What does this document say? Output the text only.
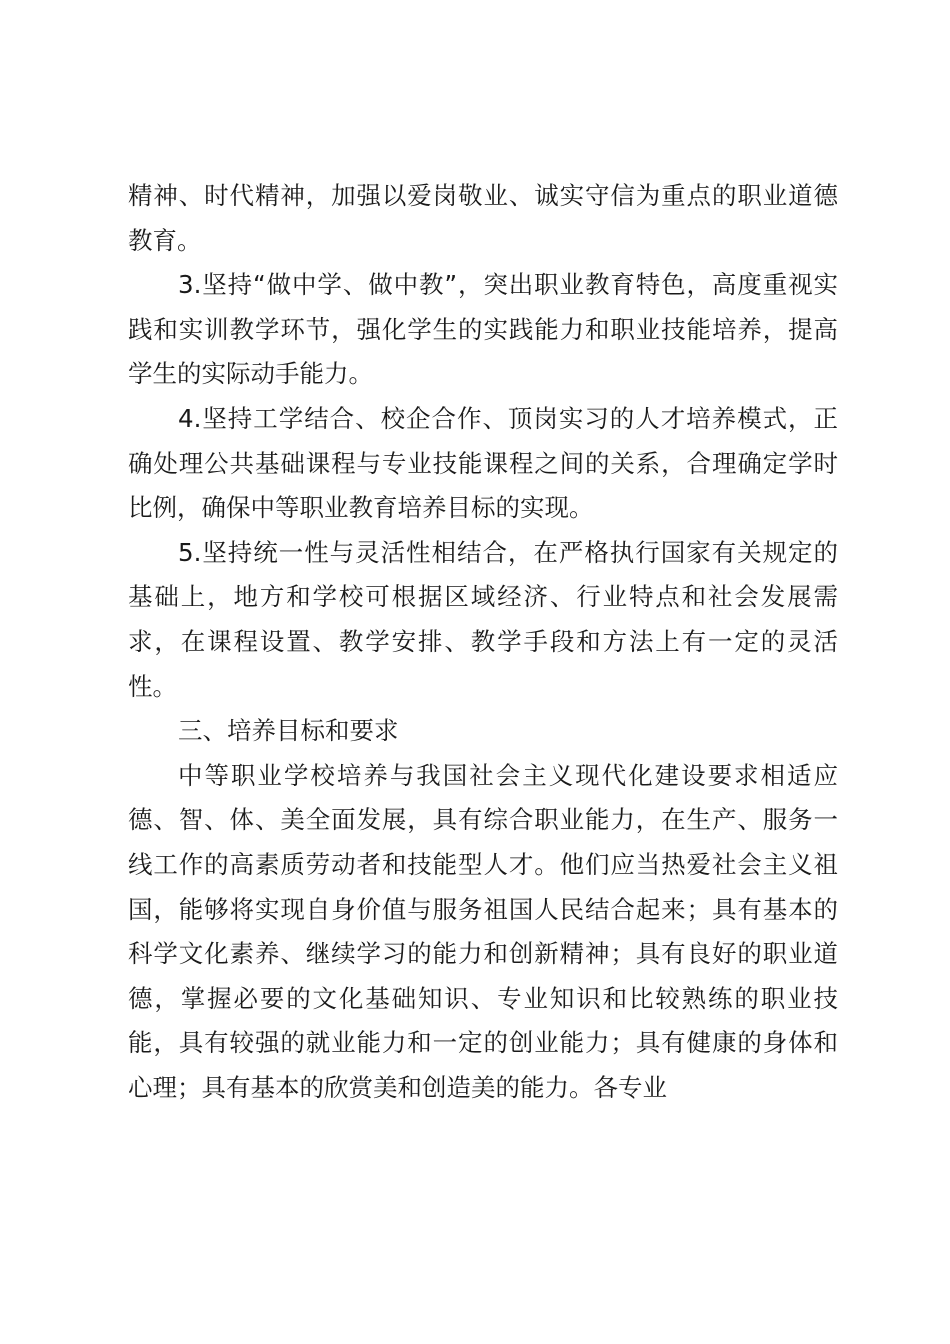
精神、时代精神，加强以爱岗敬业、诚实守信为重点的职业道德教育。

3.坚持“做中学、做中教”，突出职业教育特色，高度重视实践和实训教学环节，强化学生的实践能力和职业技能培养，提高学生的实际动手能力。

4.坚持工学结合、校企合作、顶岗实习的人才培养模式，正确处理公共基础课程与专业技能课程之间的关系，合理确定学时比例，确保中等职业教育培养目标的实现。

5.坚持统一性与灵活性相结合，在严格执行国家有关规定的基础上，地方和学校可根据区域经济、行业特点和社会发展需求，在课程设置、教学安排、教学手段和方法上有一定的灵活性。

三、培养目标和要求

中等职业学校培养与我国社会主义现代化建设要求相适应德、智、体、美全面发展，具有综合职业能力，在生产、服务一线工作的高素质劳动者和技能型人才。他们应当热爱社会主义祖国，能够将实现自身价值与服务祖国人民结合起来；具有基本的科学文化素养、继续学习的能力和创新精神；具有良好的职业道德，掌握必要的文化基础知识、专业知识和比较熟练的职业技能，具有较强的就业能力和一定的创业能力；具有健康的身体和心理；具有基本的欣赏美和创造美的能力。各专业
